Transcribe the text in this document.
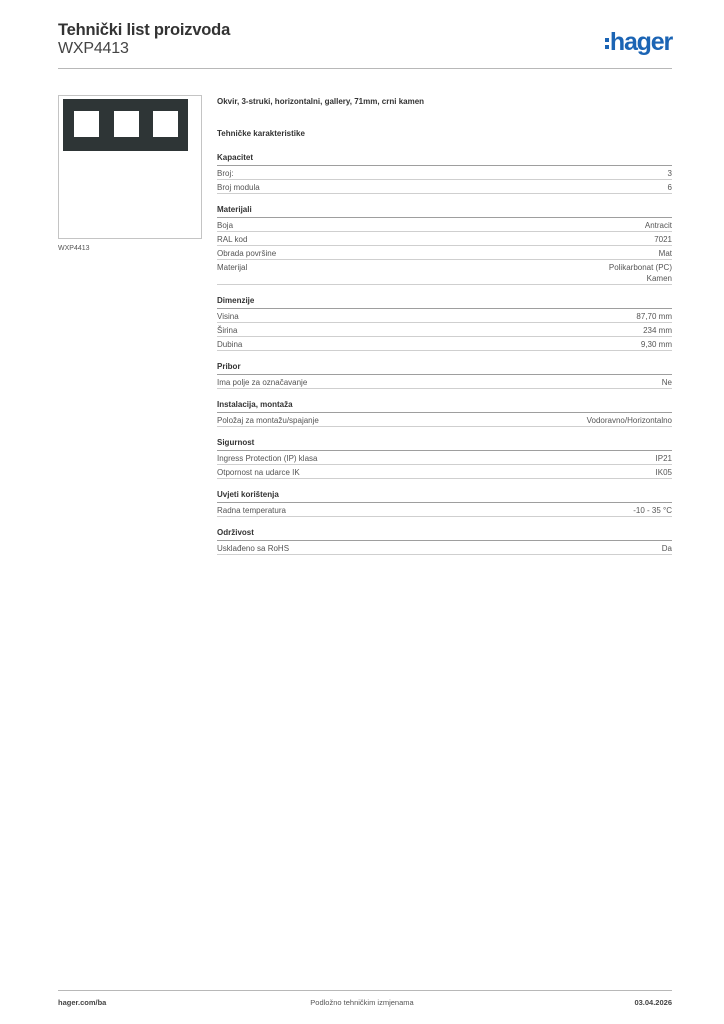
Tehnički list proizvoda
WXP4413	hager
WXP4413
Okvir, 3-struki, horizontalni, gallery, 71mm, crni kamen
Tehničke karakteristike
Kapacitet
Broj:	3
Broj modula	6
Materijali
Boja	Antracit
RAL kod	7021
Obrada površine	Mat
Materijal	Polikarbonat (PC)
Kamen
Dimenzije
Visina	87,70 mm
Širina	234 mm
Dubina	9,30 mm
Pribor
Ima polje za označavanje	Ne
Instalacija, montaža
Položaj za montažu/spajanje	Vodoravno/Horizontalno
Sigurnost
Ingress Protection (IP) klasa	IP21
Otpornost na udarce IK	IK05
Uvjeti korištenja
Radna temperatura	-10 - 35 °C
Održivost
Usklađeno sa RoHS	Da
hager.com/ba	Podložno tehničkim izmjenama	03.04.2026
